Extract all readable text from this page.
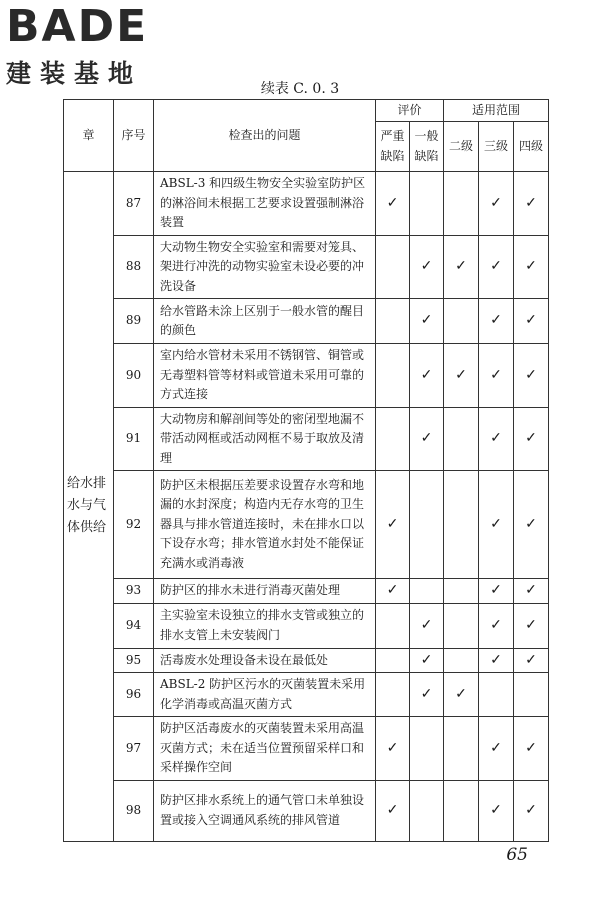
BADE
建装基地
续表 C. 0. 3
章	序号	检查出的问题	评价		适用范围		
			严重缺陷	一般缺陷	二级	三级	四级
给水排水与气体供给	87	ABSL-3 和四级生物安全实验室防护区的淋浴间未根据工艺要求设置强制淋浴装置	✓			✓	✓
	88	大动物生物安全实验室和需要对笼具、架进行冲洗的动物实验室未设必要的冲洗设备		✓	✓	✓	✓
	89	给水管路未涂上区别于一般水管的醒目的颜色		✓		✓	✓
	90	室内给水管材未采用不锈钢管、铜管或无毒塑料管等材料或管道未采用可靠的方式连接		✓	✓	✓	✓
	91	大动物房和解剖间等处的密闭型地漏不带活动网框或活动网框不易于取放及清理		✓		✓	✓
	92	防护区未根据压差要求设置存水弯和地漏的水封深度；构造内无存水弯的卫生器具与排水管道连接时，未在排水口以下设存水弯；排水管道水封处不能保证充满水或消毒液	✓			✓	✓
	93	防护区的排水未进行消毒灭菌处理	✓			✓	✓
	94	主实验室未设独立的排水支管或独立的排水支管上未安装阀门		✓		✓	✓
	95	活毒废水处理设备未设在最低处		✓		✓	✓
	96	ABSL-2 防护区污水的灭菌装置未采用化学消毒或高温灭菌方式		✓	✓		
	97	防护区活毒废水的灭菌装置未采用高温灭菌方式；未在适当位置预留采样口和采样操作空间	✓			✓	✓
	98	防护区排水系统上的通气管口未单独设置或接入空调通风系统的排风管道	✓			✓	✓
65
